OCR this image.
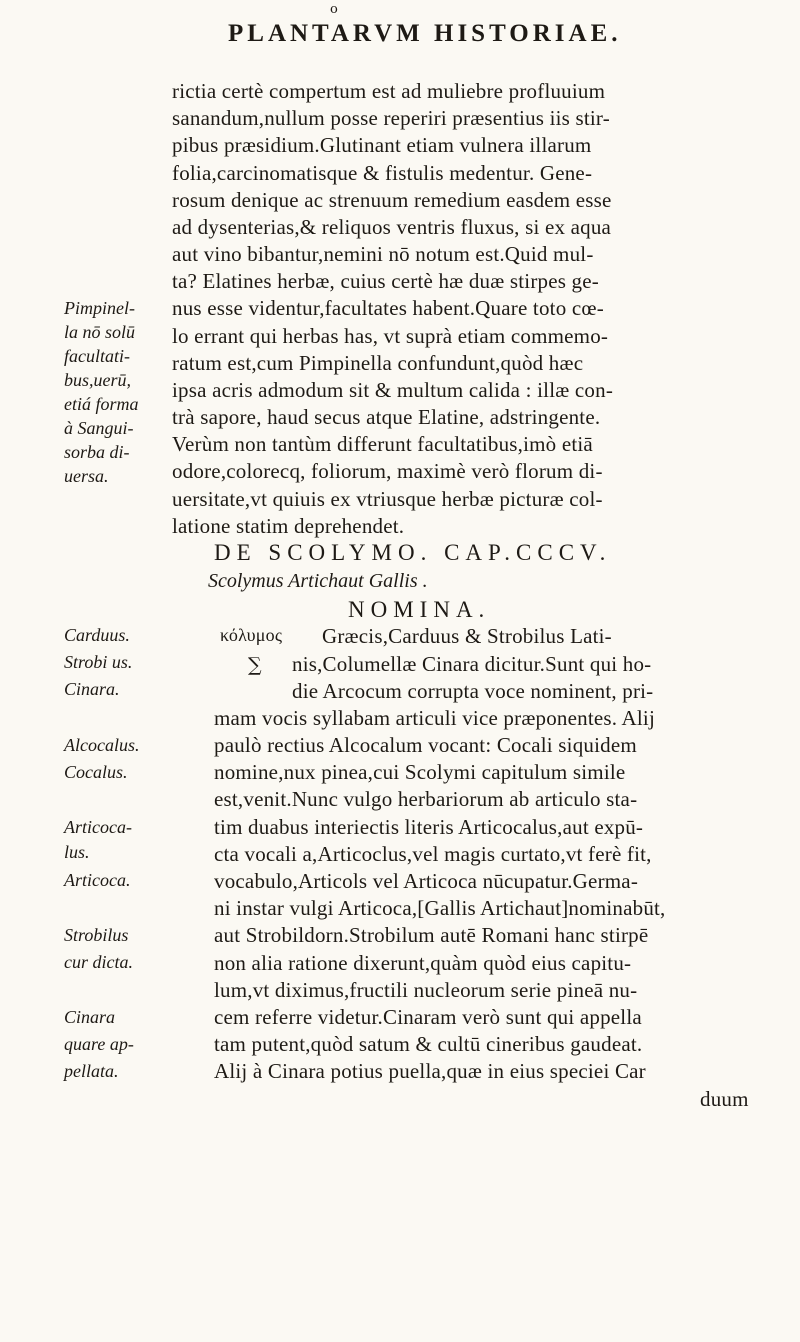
o
PLANTARVM HISTORIAE.
rictia certè compertum est ad muliebre profluuium
sanandum,nullum posse reperiri præsentius iis stir-
pibus præsidium.Glutinant etiam vulnera illarum
folia,carcinomatisque & fistulis medentur. Gene-
rosum denique ac strenuum remedium easdem esse
ad dysenterias,& reliquos ventris fluxus, si ex aqua
aut vino bibantur,nemini nō notum est.Quid mul-
ta? Elatines herbæ, cuius certè hæ duæ stirpes ge-
nus esse videntur,facultates habent.Quare toto cœ-
lo errant qui herbas has, vt suprà etiam commemo-
ratum est,cum Pimpinella confundunt,quòd hæc
ipsa acris admodum sit & multum calida : illæ con-
trà sapore, haud secus atque Elatine, adstringente.
Verùm non tantùm differunt facultatibus,imò etiā
odore,colorecq, foliorum, maximè verò florum di-
uersitate,vt quiuis ex vtriusque herbæ picturæ col-
latione statim deprehendet.
DE SCOLYMO. CAP.CCCV.
Scolymus Artichaut Gallis .
NOMINA.
κόλυμος	Græcis,Carduus & Strobilus Lati-
∑ nis,Columellæ Cinara dicitur.Sunt qui ho-
die Arcocum corrupta voce nominent, pri-
mam vocis syllabam articuli vice præponentes. Alij
paulò rectius Alcocalum vocant: Cocali siquidem
nomine,nux pinea,cui Scolymi capitulum simile
est,venit.Nunc vulgo herbariorum ab articulo sta-
tim duabus interiectis literis Articocalus,aut expū-
cta vocali a,Articoclus,vel magis curtato,vt ferè fit,
vocabulo,Articols vel Articoca nūcupatur.Germa-
ni instar vulgi Articoca,[Gallis Artichaut]nominabūt,
aut Strobildorn.Strobilum autē Romani hanc stirpē
non alia ratione dixerunt,quàm quòd eius capitu-
lum,vt diximus,fructili nucleorum serie pineā nu-
cem referre videtur.Cinaram verò sunt qui appella
tam putent,quòd satum & cultū cineribus gaudeat.
Alij à Cinara potius puella,quæ in eius speciei Car
duum
Pimpinel-
la nō solū
facultati-
bus,uerū,
etiá forma
à Sangui-
sorba di-
uersa.
Carduus.
Strobi us.
Cinara.
Alcocalus.
Cocalus.
Articoca-
lus.
Articoca.
Strobilus
cur dicta.
Cinara
quare ap-
pellata.
